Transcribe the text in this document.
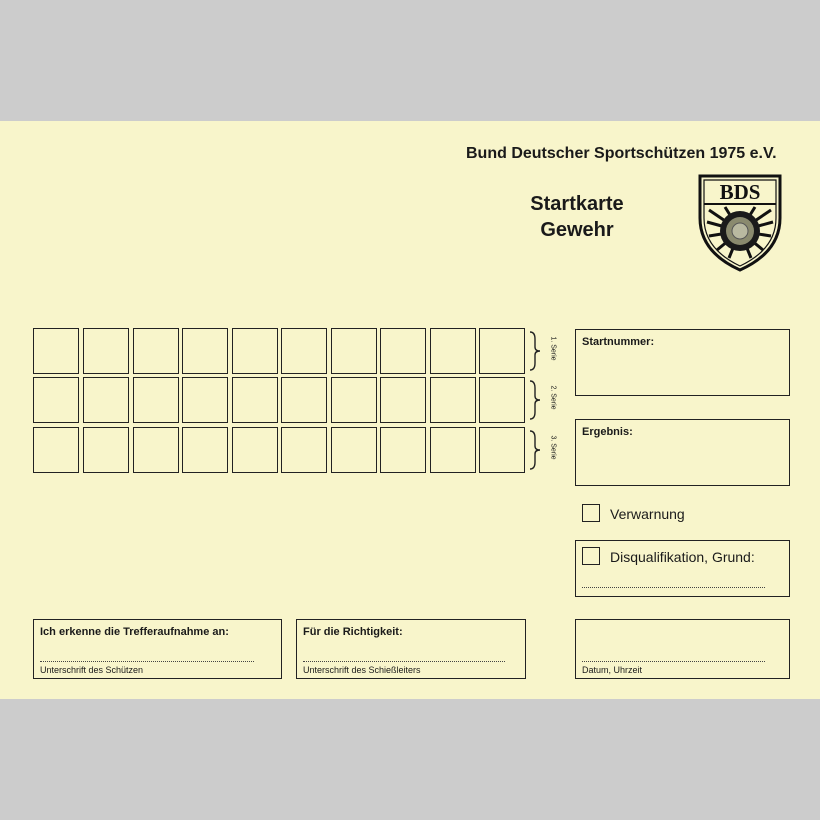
Bund Deutscher Sportschützen 1975 e.V.
Startkarte
Gewehr
BDS
1. Serie
2. Serie
3. Serie
Startnummer:
Ergebnis:
Verwarnung
Disqualifikation, Grund:
Ich erkenne die Trefferaufnahme an:
Unterschrift des Schützen
Für die Richtigkeit:
Unterschrift des Schießleiters	Datum, Uhrzeit
